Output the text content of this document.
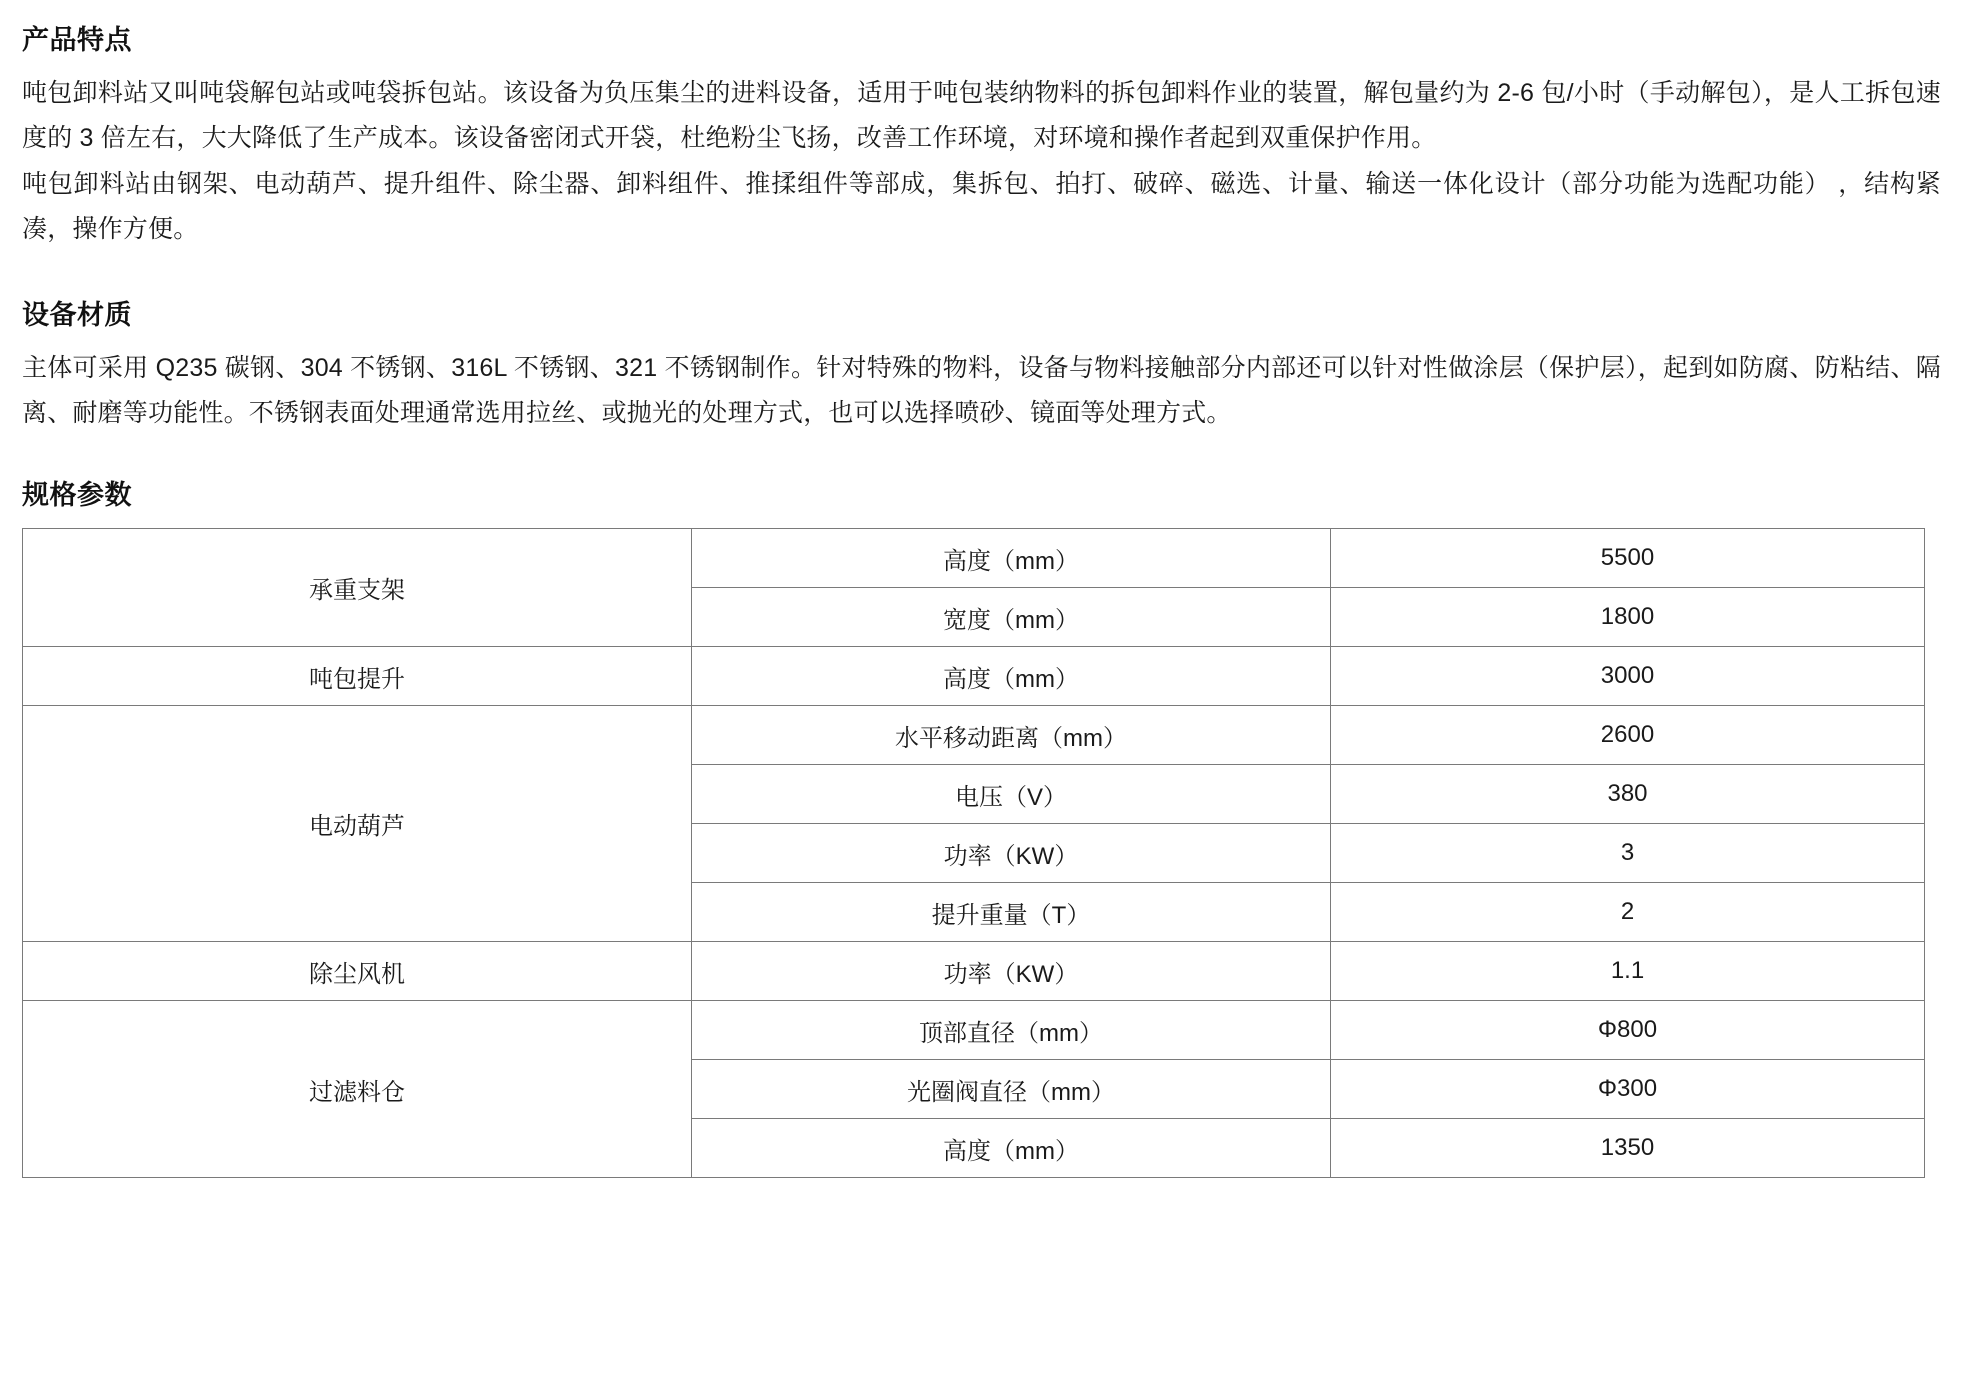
产品特点

吨包卸料站又叫吨袋解包站或吨袋拆包站。该设备为负压集尘的进料设备，适用于吨包装纳物料的拆包卸料作业的装置，解包量约为 2-6 包/小时（手动解包），是人工拆包速度的 3 倍左右，大大降低了生产成本。该设备密闭式开袋，杜绝粉尘飞扬，改善工作环境，对环境和操作者起到双重保护作用。

吨包卸料站由钢架、电动葫芦、提升组件、除尘器、卸料组件、推揉组件等部成，集拆包、拍打、破碎、磁选、计量、输送一体化设计（部分功能为选配功能） ，结构紧凑，操作方便。

设备材质

主体可采用 Q235 碳钢、304 不锈钢、316L 不锈钢、321 不锈钢制作。针对特殊的物料，设备与物料接触部分内部还可以针对性做涂层（保护层），起到如防腐、防粘结、隔离、耐磨等功能性。不锈钢表面处理通常选用拉丝、或抛光的处理方式，也可以选择喷砂、镜面等处理方式。

规格参数
承重支架	高度（mm）	5500
	宽度（mm）	1800
吨包提升	高度（mm）	3000
电动葫芦	水平移动距离（mm）	2600
	电压（V）	380
	功率（KW）	3
	提升重量（T）	2
除尘风机	功率（KW）	1.1
过滤料仓	顶部直径（mm）	Φ800
	光圈阀直径（mm）	Φ300
	高度（mm）	1350
